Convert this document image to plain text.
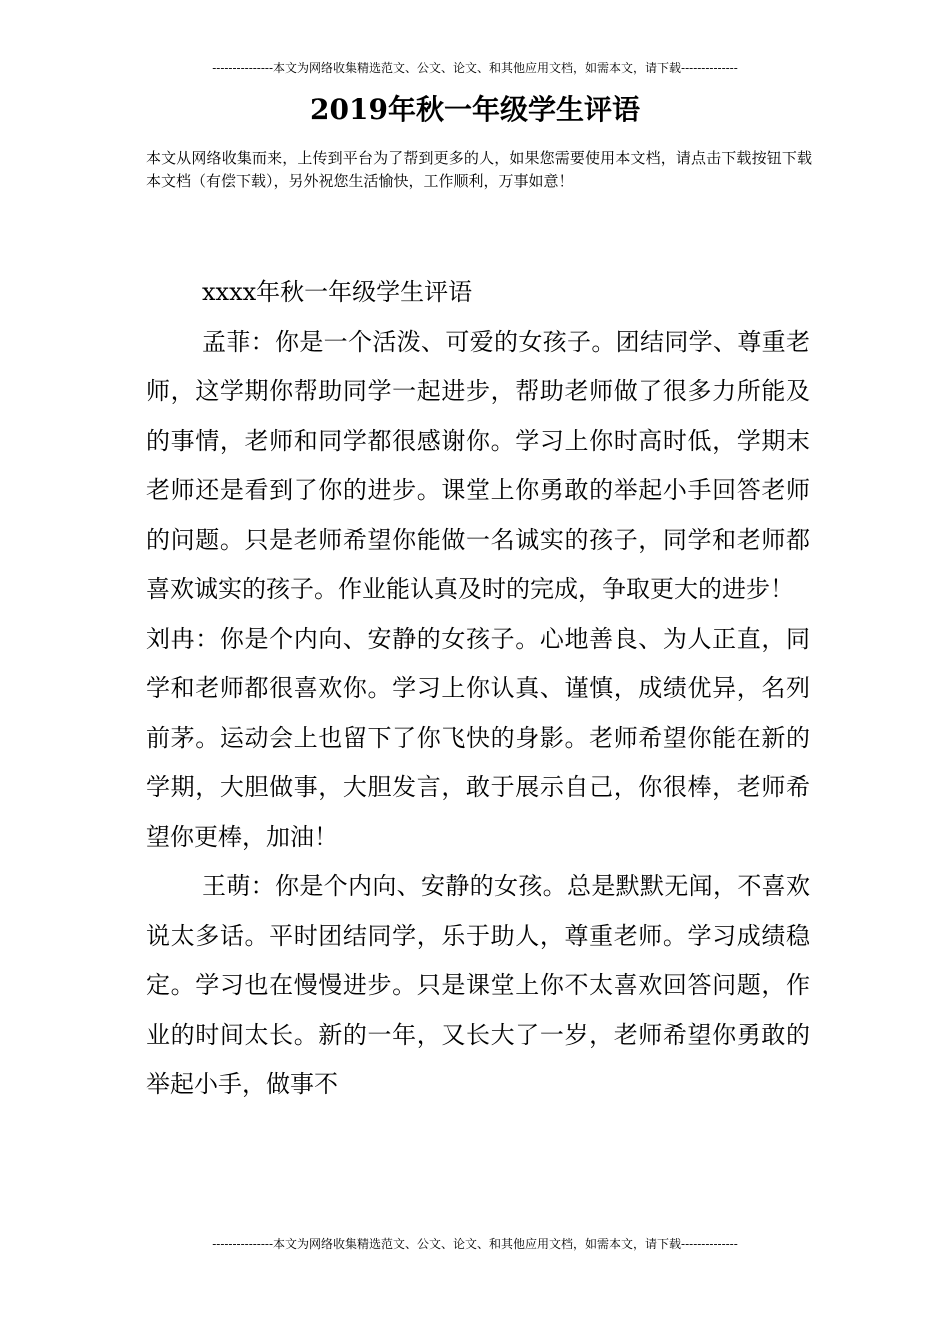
---------------本文为网络收集精选范文、公文、论文、和其他应用文档，如需本文，请下载--------------
2019年秋一年级学生评语
本文从网络收集而来，上传到平台为了帮到更多的人，如果您需要使用本文档，请点击下载按钮下载本文档（有偿下载），另外祝您生活愉快，工作顺利，万事如意！

xxxx年秋一年级学生评语

孟菲：你是一个活泼、可爱的女孩子。团结同学、尊重老师，这学期你帮助同学一起进步，帮助老师做了很多力所能及的事情，老师和同学都很感谢你。学习上你时高时低，学期末老师还是看到了你的进步。课堂上你勇敢的举起小手回答老师的问题。只是老师希望你能做一名诚实的孩子，同学和老师都喜欢诚实的孩子。作业能认真及时的完成，争取更大的进步！

刘冉：你是个内向、安静的女孩子。心地善良、为人正直，同学和老师都很喜欢你。学习上你认真、谨慎，成绩优异，名列前茅。运动会上也留下了你飞快的身影。老师希望你能在新的学期，大胆做事，大胆发言，敢于展示自己，你很棒，老师希望你更棒，加油！

王萌：你是个内向、安静的女孩。总是默默无闻，不喜欢说太多话。平时团结同学，乐于助人，尊重老师。学习成绩稳定。学习也在慢慢进步。只是课堂上你不太喜欢回答问题，作业的时间太长。新的一年，又长大了一岁，老师希望你勇敢的举起小手，做事不

---------------本文为网络收集精选范文、公文、论文、和其他应用文档，如需本文，请下载--------------
